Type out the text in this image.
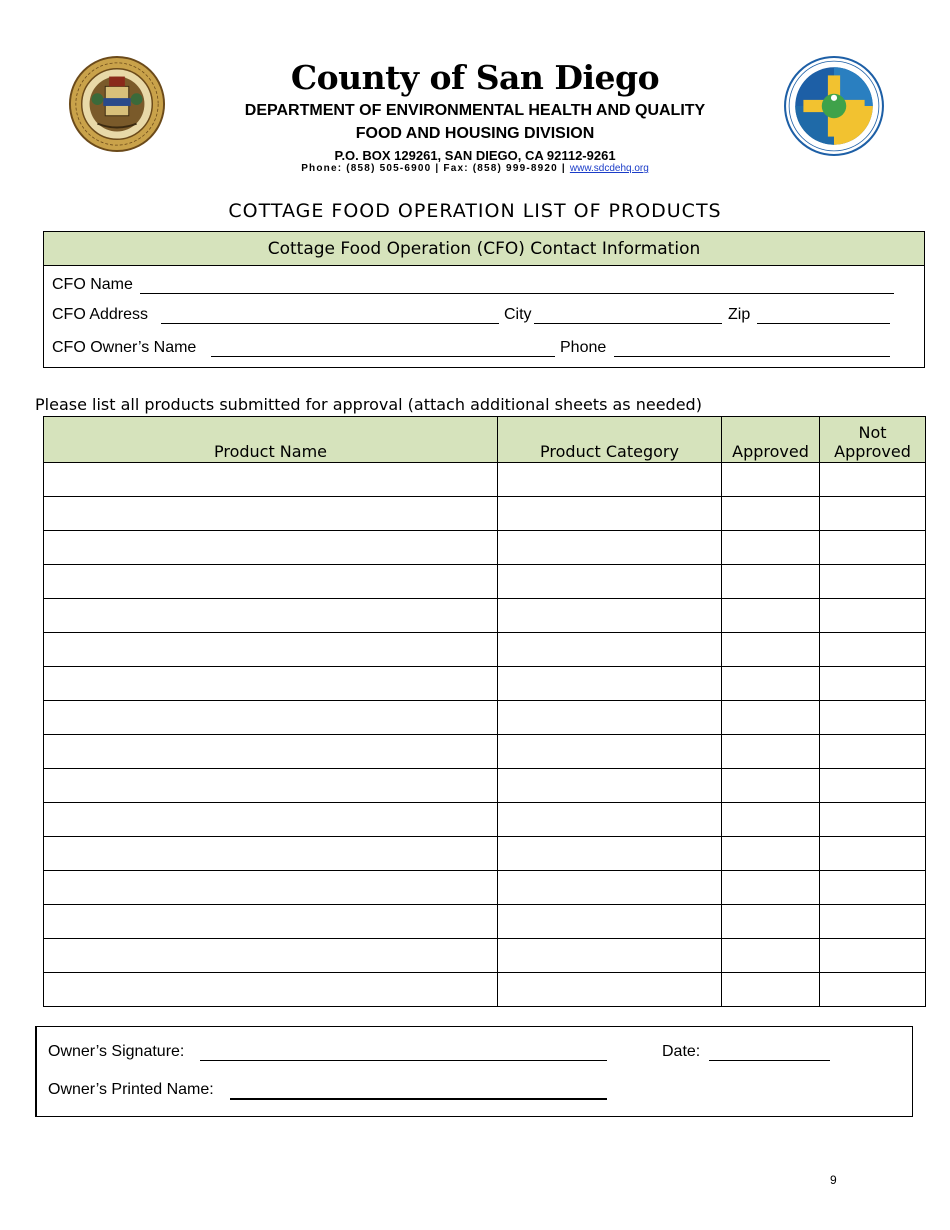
County of San Diego
DEPARTMENT OF ENVIRONMENTAL HEALTH AND QUALITY
FOOD AND HOUSING DIVISION
P.O. BOX 129261, SAN DIEGO, CA 92112-9261
Phone: (858) 505-6900 | Fax: (858) 999-8920 | www.sdcdehq.org
COTTAGE FOOD OPERATION LIST OF PRODUCTS
Cottage Food Operation (CFO) Contact Information
CFO Name
CFO Address	City	Zip
CFO Owner’s Name	Phone
Please list all products submitted for approval (attach additional sheets as needed)
Product Name	Product Category	Approved	Not Approved

Owner’s Signature:	Date:
Owner’s Printed Name:
9
